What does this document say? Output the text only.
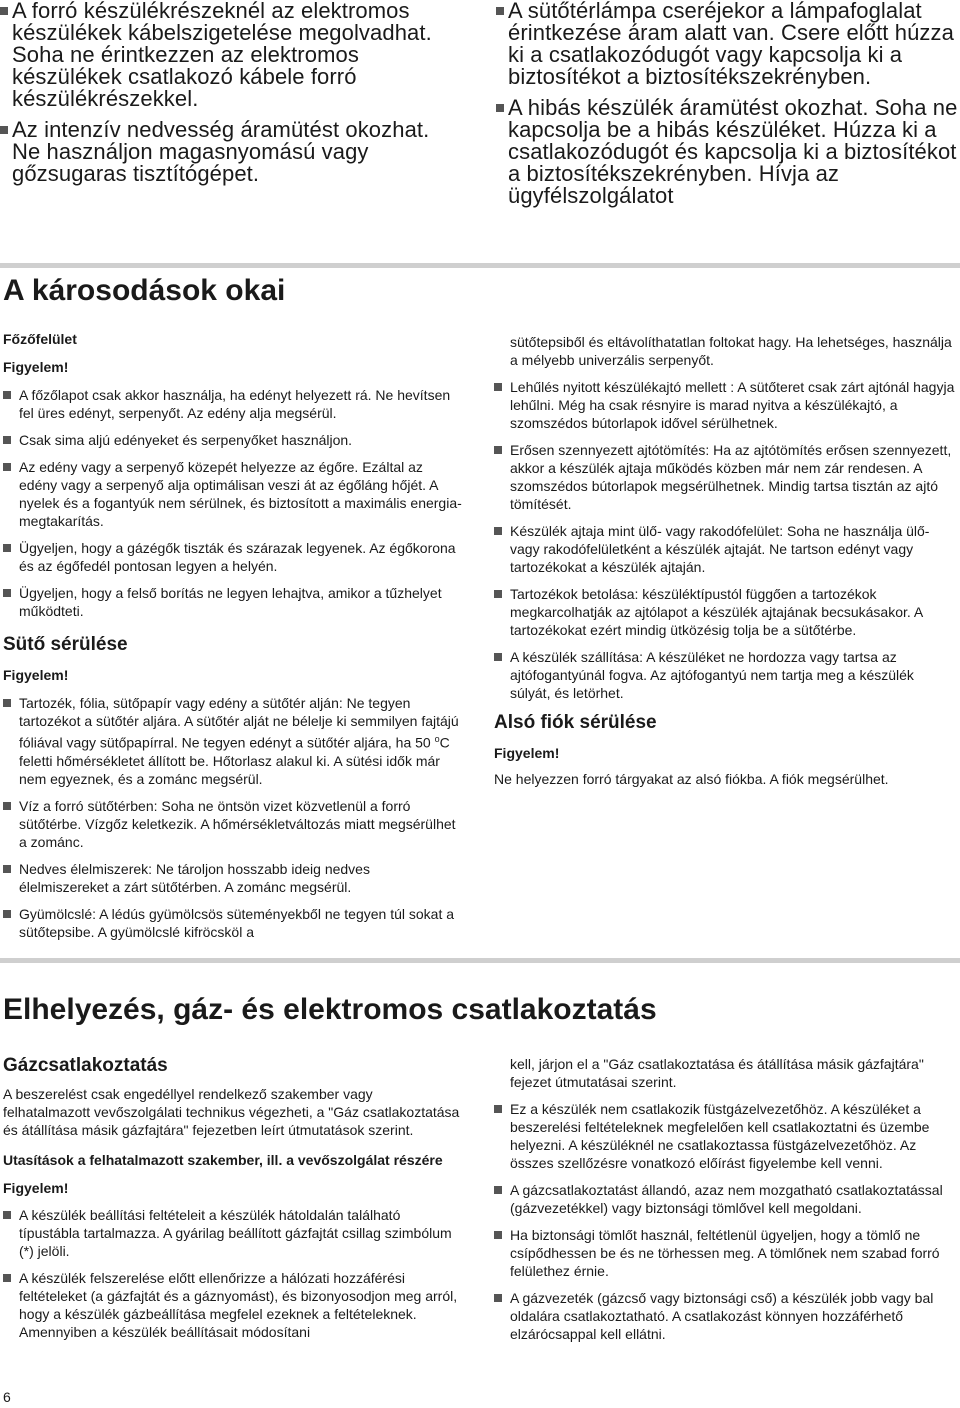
A forró készülékrészeknél az elektromos készülékek kábelszigetelése megolvadhat. Soha ne érintkezzen az elektromos készülékek csatlakozó kábele forró készülékrészekkel.
Az intenzív nedvesség áramütést okozhat. Ne használjon magasnyomású vagy gőzsugaras tisztítógépet.
A sütőtérlámpa cseréjekor a lámpafoglalat érintkezése áram alatt van. Csere előtt húzza ki a csatlakozódugót vagy kapcsolja ki a biztosítékot a biztosítékszekrényben.
A hibás készülék áramütést okozhat. Soha ne kapcsolja be a hibás készüléket. Húzza ki a csatlakozódugót és kapcsolja ki a biztosítékot a biztosítékszekrényben. Hívja az ügyfélszolgálatot
A károsodások okai
Főzőfelület
Figyelem!
A főzőlapot csak akkor használja, ha edényt helyezett rá. Ne hevítsen fel üres edényt, serpenyőt. Az edény alja megsérül.
Csak sima aljú edényeket és serpenyőket használjon.
Az edény vagy a serpenyő közepét helyezze az égőre. Ezáltal az edény vagy a serpenyő alja optimálisan veszi át az égőláng hőjét. A nyelek és a fogantyúk nem sérülnek, és biztosított a maximális energia-megtakarítás.
Ügyeljen, hogy a gázégők tiszták és szárazak legyenek. Az égőkorona és az égőfedél pontosan legyen a helyén.
Ügyeljen, hogy a felső borítás ne legyen lehajtva, amikor a tűzhelyet működteti.
Sütő sérülése
Figyelem!
Tartozék, fólia, sütőpapír vagy edény a sütőtér alján: Ne tegyen tartozékot a sütőtér aljára. A sütőtér alját ne bélelje ki semmilyen fajtájú fóliával vagy sütőpapírral. Ne tegyen edényt a sütőtér aljára, ha 50 $^o$C feletti hőmérsékletet állított be. Hőtorlasz alakul ki. A sütési idők már nem egyeznek, és a zománc megsérül.
Víz a forró sütőtérben: Soha ne öntsön vizet közvetlenül a forró sütőtérbe. Vízgőz keletkezik. A hőmérsékletváltozás miatt megsérülhet a zománc.
Nedves élelmiszerek: Ne tároljon hosszabb ideig nedves élelmiszereket a zárt sütőtérben. A zománc megsérül.
Gyümölcslé: A lédús gyümölcsös süteményekből ne tegyen túl sokat a sütőtepsibe. A gyümölcslé kifröcsköl a
sütőtepsiből és eltávolíthatatlan foltokat hagy. Ha lehetséges, használja a mélyebb univerzális serpenyőt.
Lehűlés nyitott készülékajtó mellett : A sütőteret csak zárt ajtónál hagyja lehűlni. Még ha csak résnyire is marad nyitva a készülékajtó, a szomszédos bútorlapok idővel sérülhetnek.
Erősen szennyezett ajtótömítés: Ha az ajtótömítés erősen szennyezett, akkor a készülék ajtaja működés közben már nem zár rendesen. A szomszédos bútorlapok megsérülhetnek. Mindig tartsa tisztán az ajtó tömítését.
Készülék ajtaja mint ülő- vagy rakodófelület: Soha ne használja ülő- vagy rakodófelületként a készülék ajtaját. Ne tartson edényt vagy tartozékokat a készülék ajtaján.
Tartozékok betolása: készüléktípustól függően a tartozékok megkarcolhatják az ajtólapot a készülék ajtajának becsukásakor. A tartozékokat ezért mindig ütközésig tolja be a sütőtérbe.
A készülék szállítása: A készüléket ne hordozza vagy tartsa az ajtófogantyúnál fogva. Az ajtófogantyú nem tartja meg a készülék súlyát, és letörhet.
Alsó fiók sérülése
Figyelem!
Ne helyezzen forró tárgyakat az alsó fiókba. A fiók megsérülhet.
Elhelyezés, gáz- és elektromos csatlakoztatás
Gázcsatlakoztatás
A beszerelést csak engedéllyel rendelkező szakember vagy felhatalmazott vevőszolgálati technikus végezheti, a "Gáz csatlakoztatása és átállítása másik gázfajtára" fejezetben leírt útmutatások szerint.
Utasítások a felhatalmazott szakember, ill. a vevőszolgálat részére
Figyelem!
A készülék beállítási feltételeit a készülék hátoldalán található típustábla tartalmazza. A gyárilag beállított gázfajtát csillag szimbólum (*) jelöli.
A készülék felszerelése előtt ellenőrizze a hálózati hozzáférési feltételeket (a gázfajtát és a gáznyomást), és bizonyosodjon meg arról, hogy a készülék gázbeállítása megfelel ezeknek a feltételeknek. Amennyiben a készülék beállításait módosítani
kell, járjon el a "Gáz csatlakoztatása és átállítása másik gázfajtára" fejezet útmutatásai szerint.
Ez a készülék nem csatlakozik füstgázelvezetőhöz. A készüléket a beszerelési feltételeknek megfelelően kell csatlakoztatni és üzembe helyezni. A készüléknél ne csatlakoztassa füstgázelvezetőhöz. Az összes szellőzésre vonatkozó előírást figyelembe kell venni.
A gázcsatlakoztatást állandó, azaz nem mozgatható csatlakoztatással (gázvezetékkel) vagy biztonsági tömlővel kell megoldani.
Ha biztonsági tömlőt használ, feltétlenül ügyeljen, hogy a tömlő ne csípődhessen be és ne törhessen meg. A tömlőnek nem szabad forró felülethez érnie.
A gázvezeték (gázcső vagy biztonsági cső) a készülék jobb vagy bal oldalára csatlakoztatható. A csatlakozást könnyen hozzáférhető elzárócsappal kell ellátni.
6
